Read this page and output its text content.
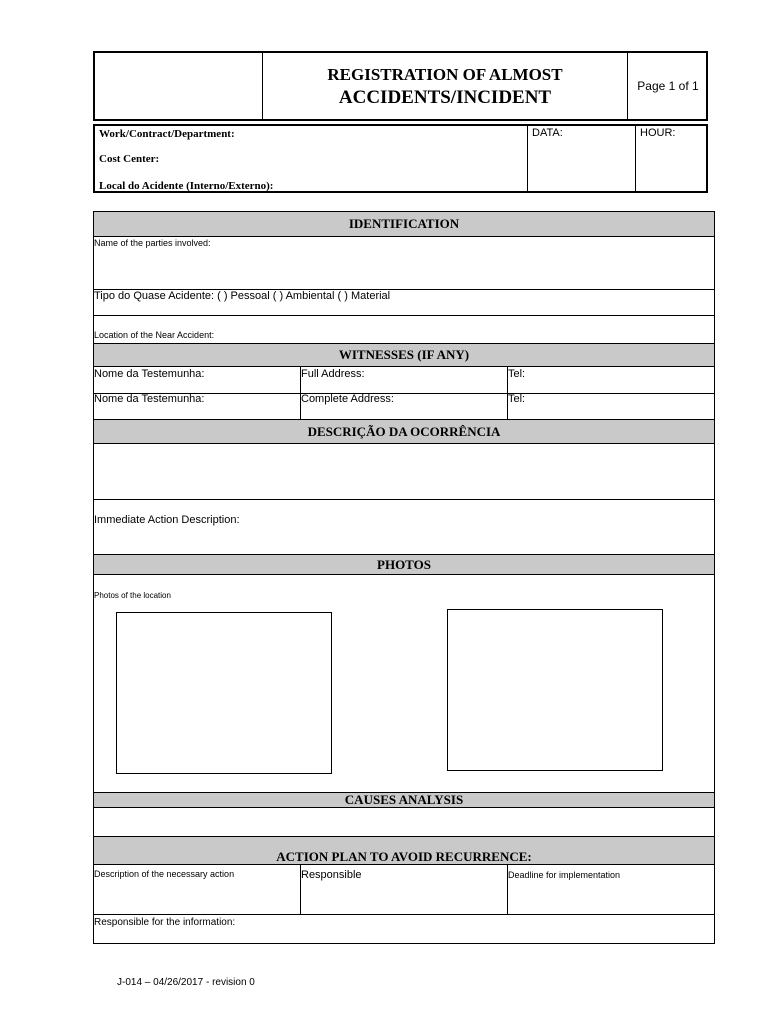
REGISTRATION OF ALMOST
ACCIDENTS/INCIDENT
Page 1 of 1
Work/Contract/Department:
Cost Center:
Local do Acidente (Interno/Externo):
DATA:	HOUR:
IDENTIFICATION
Name of the parties involved:
Tipo do Quase Acidente: ( ) Pessoal ( ) Ambiental ( ) Material
Location of the Near Accident:
WITNESSES (IF ANY)
Nome da Testemunha:	Full Address:	Tel:
Nome da Testemunha:	Complete Address:	Tel:
DESCRIÇÃO DA OCORRÊNCIA
Immediate Action Description:
PHOTOS
Photos of the location
CAUSES ANALYSIS
ACTION PLAN TO AVOID RECURRENCE:
Description of the necessary action	Responsible	Deadline for implementation
Responsible for the information:
J-014 – 04/26/2017 - revision 0
